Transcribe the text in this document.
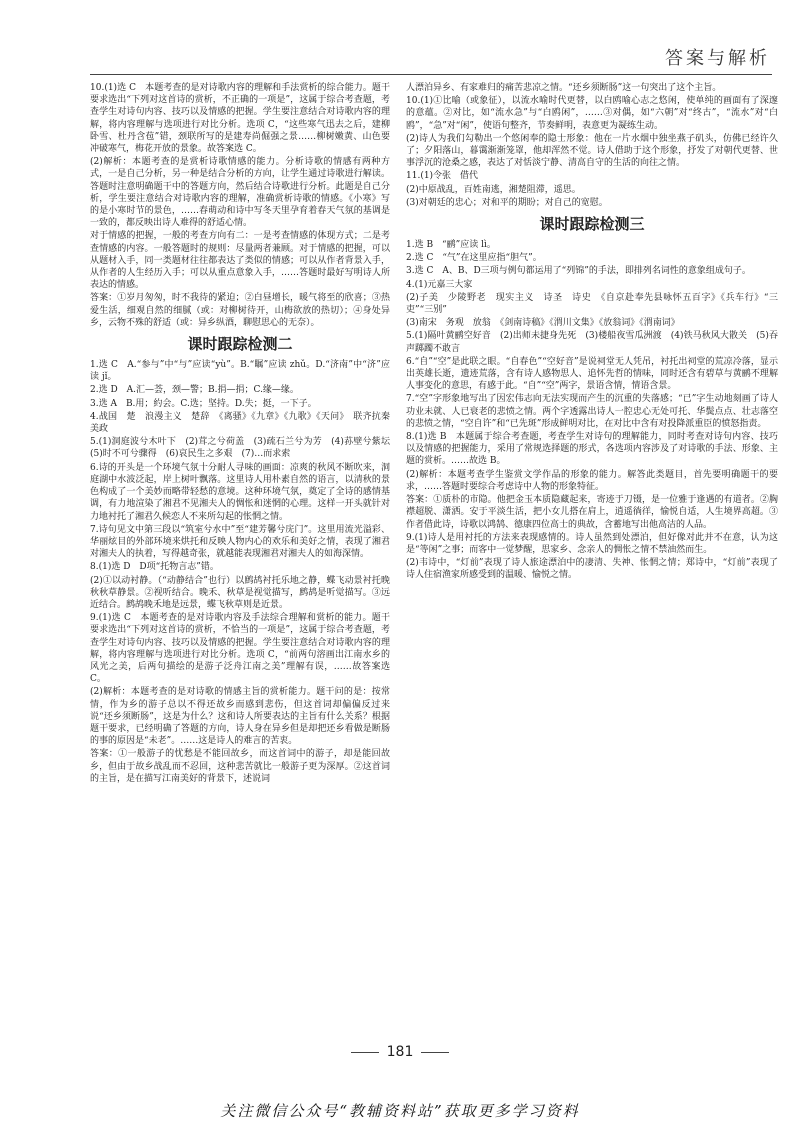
答案与解析

10.(1)选 C　本题考查的是对诗歌内容的理解和手法赏析的综合能力。题干要求选出“下列对这首诗的赏析，不正确的一项是”，这属于综合考查题，考查学生对诗句内容、技巧以及情感的把握。学生要注意结合对诗歌内容的理解，将内容理解与选项进行对比分析。选项 C，“这些寒气迅去之后，建柳卧雪、杜丹含苞”错，颈联所写的是建寿尚倔强之景……柳树嫩黄、山色要冲破寒气，梅花开放的景象。故答案选 C。

(2)解析：本题考查的是赏析诗歌情感的能力。分析诗歌的情感有两种方式，一是自己分析，另一种是结合分析的方向，让学生通过诗歌进行解读。答题时注意明确题干中的答题方向，然后结合诗歌进行分析。此题是自己分析，学生要注意结合对诗歌内容的理解，准确赏析诗歌的情感。《小寒》写的是小寒时节的景色，……春萌动和诗中写冬天里孕育着春天气氛的基调是一致的，都反映出诗人难得的舒适心情。

对于情感的把握，一般的考查方向有二：一是考查情感的体现方式；二是考查情感的内容。一般答题时的规则：尽量两者兼顾。对于情感的把握，可以从题材入手，同一类题材往往都表达了类似的情感；可以从作者背景入手，从作者的人生经历入手；可以从重点意象入手，……答题时最好写明诗人所表达的情感。

答案：①岁月匆匆，时不我待的紧迫；②白昼增长，暖气将至的欣喜；③热爱生活，细观自然的细腻（或：对柳树待开，山梅欲放的热切）；④身处异乡，云物不殊的舒适（或：异乡纵酒，聊慰思心的无奈）。

课时跟踪检测二

1.选 C　A.“参与”中“与”应读“yù”。B.“瞩”应读 zhǔ。D.“济南”中“济”应读 jǐ。

2.选 D　A.汇—荟，颈—警；B.捐—捐；C.缘—缘。

3.选 A　B.用；約会。C.选；坚持。D.失；挺，一下子。

4.战国　楚　浪漫主义　楚辞　《离骚》《九章》《九歌》《天问》　联齐抗秦　美政

5.(1)洞庭波兮木叶下　(2)茸之兮荷盖　(3)疏石兰兮为芳　(4)荪壁兮紫坛　(5)时不可兮骤得　(6)哀民生之多艰　(7)…而求索

6.诗的开头是一个环境气氛十分耐人寻味的画面：凉爽的秋风不断吹来，洞庭湖中水波泛起，岸上树叶飘落。这里诗人用朴素自然的语言，以清秋的景色构成了一个美妙而略带轻愁的意境。这种环境气氛，奠定了全诗的感情基调，有力地渲染了湘君不见湘夫人的惆怅和迷惘的心理。这样一开头就针对力地衬托了湘君久候恋人不来所勾起的怅惘之情。

7.诗句见文中第三段以“筑室兮水中”至“建芳馨兮庑门”。这里用流光溢彩、华丽炫目的外部环境来烘托和反映人物内心的欢乐和美好之情，表现了湘君对湘夫人的执着，写得越奇张，就越能表现湘君对湘夫人的如海深情。

8.(1)选 D　D项“托物言志”错。

(2)①以动衬静。（“动静结合”也行）以鹧鸪衬托乐地之静，蝶飞动景衬托晚秋秋草静景。②视听结合。晚禾、秋草是视觉描写，鹧鸪是听觉描写。③远近结合。鹧鸪晚禾地是远景，蝶飞秋草则是近景。

9.(1)选 C　本题考查的是对诗歌内容及手法综合理解和赏析的能力。题干要求选出“下列对这首诗的赏析，不恰当的一项是”，这属于综合考查题，考查学生对诗句内容、技巧以及情感的把握。学生要注意结合对诗歌内容的理解，将内容理解与选项进行对比分析。选项 C，“前两句溶画出江南水乡的风光之美，后两句描绘的是游子泛舟江南之美”理解有误，……故答案选 C。

(2)解析：本题考查的是对诗歌的情感主旨的赏析能力。题干问的是：按常情，作为乡的游子总以不得还故乡而感到悲伤，但这首词却偏偏反过来说“还乡须断肠”，这是为什么？这和诗人所要表达的主旨有什么关系？根据题干要求，已经明确了答题的方向，诗人身在异乡但是却把还乡看做是断肠的事的原因是“未老”。……这是诗人的难言的苦衷。

答案：①一般游子的忧愁是不能回故乡，而这首词中的游子，却是能回故乡，但由于故乡战乱而不忍回，这种悲苦就比一般游子更为深厚。②这首词的主旨，是在描写江南美好的背景下，述说词

人漂泊异乡、有家难归的痛苦悲凉之情。“还乡须断肠”这一句突出了这个主旨。

10.(1)①比喻（或象征），以流水喻时代更替，以白鸥喻心志之悠闲，使单纯的画面有了深邃的意蕴。②对比，如“流水急”与“白鸥闲”，……③对偶，如“六朝”对“终古”，“流水”对“白鸥”，“急”对“闲”，使语句整齐，节奏鲜明，表意更为凝练生动。

(2)诗人为我们勾勒出一个悠闲奉的隐士形象：他在一片水烟中独坐燕子矶头，仿佛已经许久了；夕阳落山，暮霭渐渐笼罩，他却浑然不觉。诗人借助于这个形象，抒发了对朝代更替、世事浮沉的沧桑之感，表达了对恬淡宁静、清高自守的生活的向往之情。

11.(1)令张　借代

(2)中原战乱，百姓南逃，湘楚阻滞，遥思。

(3)对朝廷的忠心；对和平的期盼；对自己的宽慰。

课时跟踪检测三

1.选 B　“鹂”应读 lì。

2.选 C　“气”在这里应指“胆气”。

3.选 C　A、B、D三项与例句都运用了“列锦”的手法，即排列名词性的意象组成句子。

4.(1)元嘉三大家

(2)子美　少陵野老　现实主义　诗圣　诗史　《自京赴奉先县咏怀五百字》《兵车行》“三吏”“三别”

(3)南宋　务观　放翁　《剑南诗稿》《渭川文集》《放翁词》《渭南词》

5.(1)隔叶黄鹂空好音　(2)出师未捷身先死　(3)楼船夜雪瓜洲渡　(4)铁马秋风大散关　(5)吞声踯躅不敢言

6.“自”“空”是此联之眼。“自春色”“空好音”是说祠堂无人凭吊，衬托出祠堂的荒凉冷落，显示出英雄长逝，遗迹荒落，含有诗人感物思人、追怀先哲的情味，同时还含有碧草与黄鹂不理解人事变化的意思，有感于此。“自”“空”两字，景语含情，情语含景。

7.“空”字形象地写出了因宏伟志向无法实现而产生的沉重的失落感；“已”字生动地刻画了诗人功业未就、人已衰老的悲愤之情。两个字透露出诗人一腔忠心无处可托、华鬓点点、壮志落空的悲愤之情，“空自许”和“已先斑”形成鲜明对比，在对比中含有对投降派重臣的愤怒指责。

8.(1)选 B　本题属于综合考查题，考查学生对诗句的理解能力，同时考查对诗句内容、技巧以及情感的把握能力，采用了常规选择题的形式，各选项内容涉及了对诗歌的手法、形象、主题的赏析。……故选 B。

(2)解析：本题考查学生鉴赏文学作品的形象的能力。解答此类题目，首先要明确题干的要求，……答题时要综合考虑诗中人物的形象特征。

答案：①质朴的市隐。他把金玉本质隐藏起来，寄迹于刀镊，是一位雅于逢遇的有道者。②胸襟超脱、潇洒。安于平淡生活，把小女儿搭在肩上，逍遥徜徉，愉悦自适，人生境界高超。③作者借此诗，诗歌以鸿鹄、德康四位高士的典故，含蓄地写出他高洁的人品。

9.(1)诗人是用衬托的方法来表现感情的。诗人虽然到处漂泊，但好像对此并不在意，认为这是“等闲”之事；而客中一觉梦醒，思家乡、念亲人的惆怅之情不禁油然而生。

(2)韦诗中，“灯前”表现了诗人旅途漂泊中的凄清、失神、怅惘之情；郑诗中，“灯前”表现了诗人住宿渔家所感受到的温暖、愉悦之情。

181
关注微信公众号“教辅资料站”获取更多学习资料
